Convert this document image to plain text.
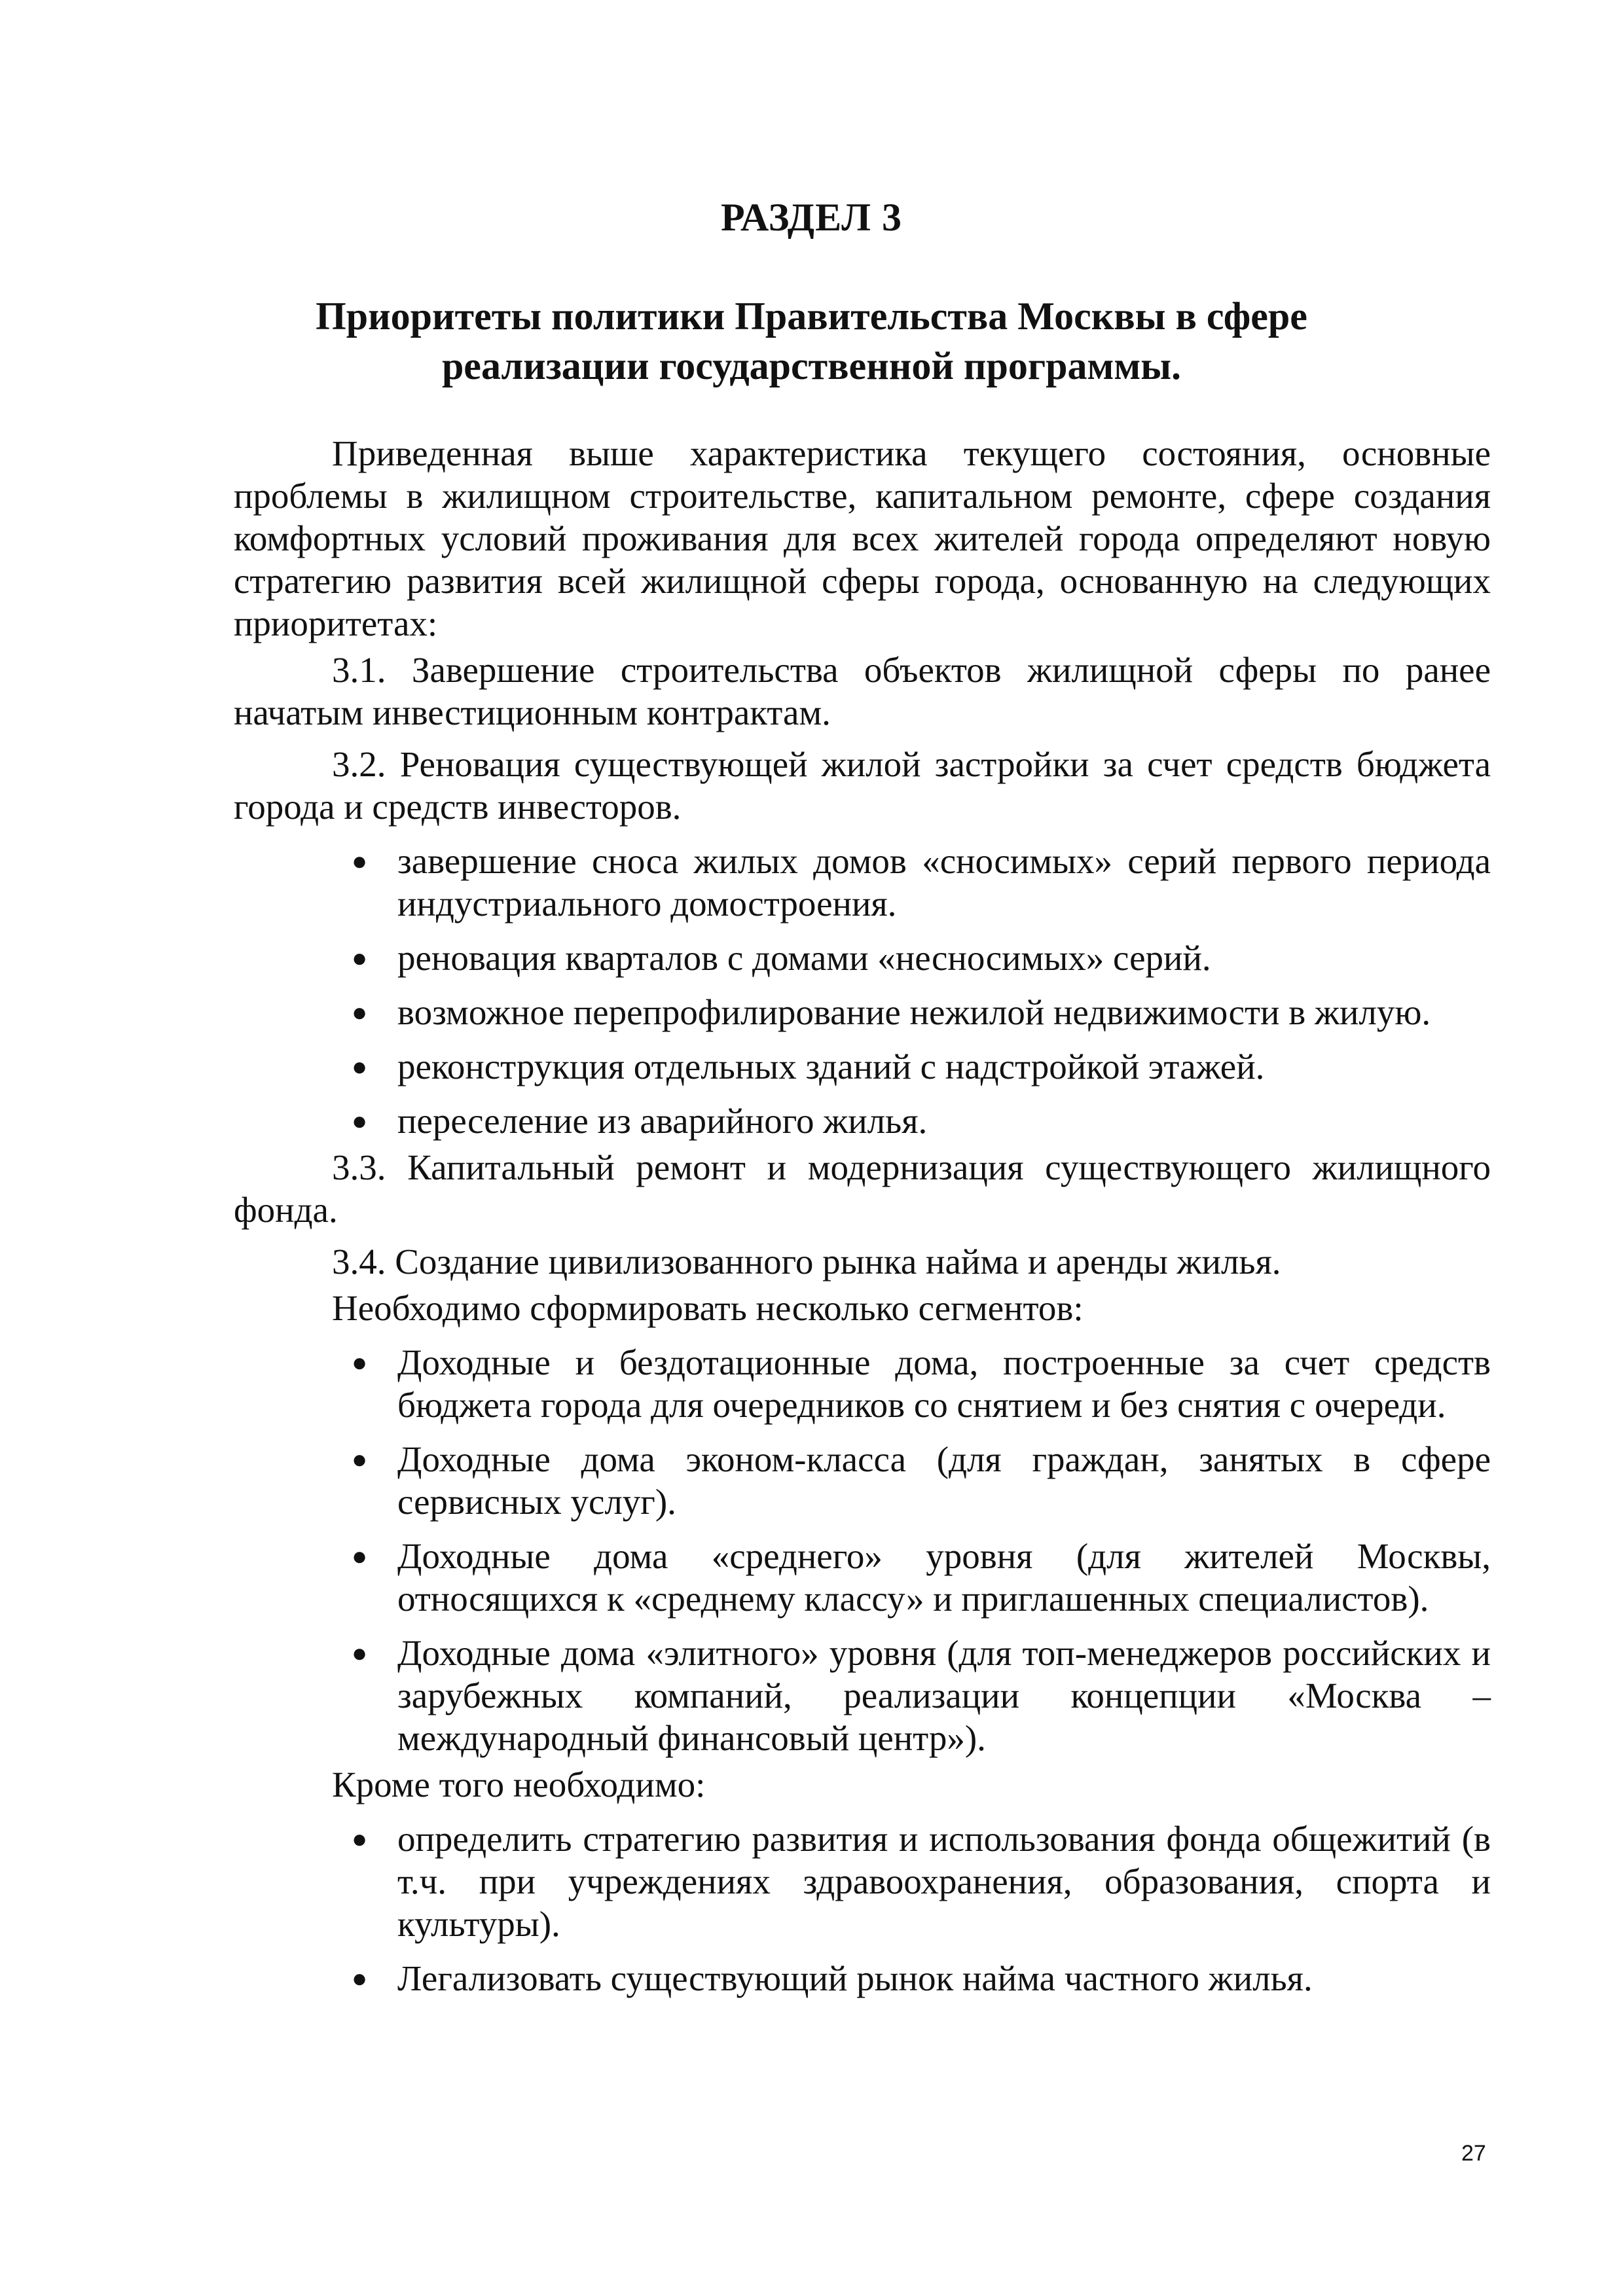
РАЗДЕЛ 3
Приоритеты политики Правительства Москвы в сфере
реализации государственной программы.

Приведенная выше характеристика текущего состояния, основные проблемы в жилищном строительстве, капитальном ремонте, сфере создания комфортных условий проживания для всех жителей города определяют новую стратегию развития всей жилищной сферы города, основанную на следующих приоритетах:

3.1. Завершение строительства объектов жилищной сферы по ранее начатым инвестиционным контрактам.

3.2. Реновация существующей жилой застройки за счет средств бюджета города и средств инвесторов.

● завершение сноса жилых домов «сносимых» серий первого периода индустриального домостроения.
● реновация кварталов с домами «несносимых» серий.
● возможное перепрофилирование нежилой недвижимости в жилую.
● реконструкция отдельных зданий с надстройкой этажей.
● переселение из аварийного жилья.

3.3. Капитальный ремонт и модернизация существующего жилищного фонда.

3.4. Создание цивилизованного рынка найма и аренды жилья.

Необходимо сформировать несколько сегментов:

● Доходные и бездотационные дома, построенные за счет средств бюджета города для очередников со снятием и без снятия с очереди.
● Доходные дома эконом-класса (для граждан, занятых в сфере сервисных услуг).
● Доходные дома «среднего» уровня (для жителей Москвы, относящихся к «среднему классу» и приглашенных специалистов).
● Доходные дома «элитного» уровня (для топ-менеджеров российских и зарубежных компаний, реализации концепции «Москва – международный финансовый центр»).

Кроме того необходимо:

● определить стратегию развития и использования фонда общежитий (в т.ч. при учреждениях здравоохранения, образования, спорта и культуры).
● Легализовать существующий рынок найма частного жилья.
27
